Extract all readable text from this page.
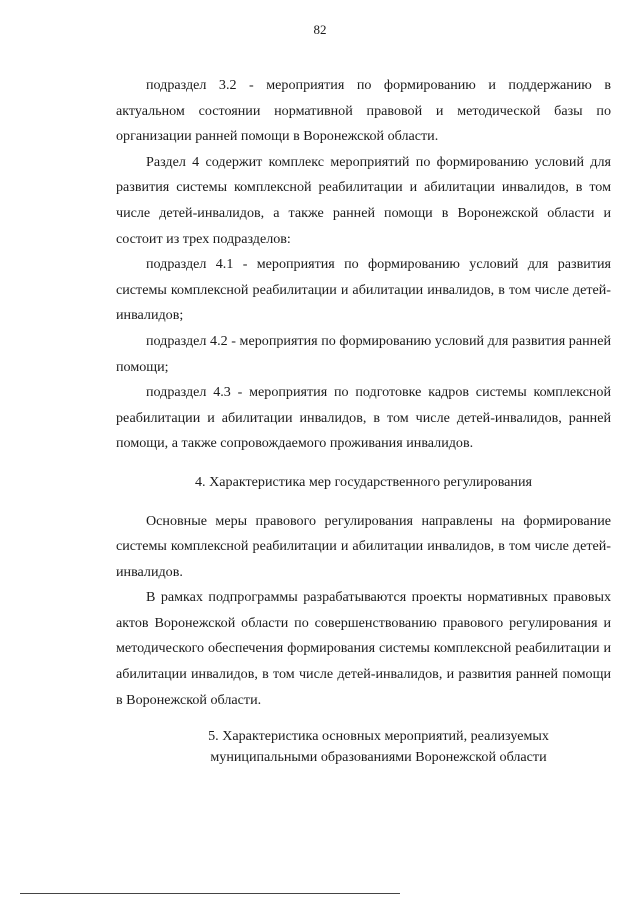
82

подраздел 3.2 - мероприятия по формированию и поддержанию в актуальном состоянии нормативной правовой и методической базы по организации ранней помощи в Воронежской области.

Раздел 4 содержит комплекс мероприятий по формированию условий для развития системы комплексной реабилитации и абилитации инвалидов, в том числе детей-инвалидов, а также ранней помощи в Воронежской области и состоит из трех подразделов:

подраздел 4.1 - мероприятия по формированию условий для развития системы комплексной реабилитации и абилитации инвалидов, в том числе детей-инвалидов;

подраздел 4.2 - мероприятия по формированию условий для развития ранней помощи;

подраздел 4.3 - мероприятия по подготовке кадров системы комплексной реабилитации и абилитации инвалидов, в том числе детей-инвалидов, ранней помощи, а также сопровождаемого проживания инвалидов.

4. Характеристика мер государственного регулирования

Основные меры правового регулирования направлены на формирование системы комплексной реабилитации и абилитации инвалидов, в том числе детей-инвалидов.

В рамках подпрограммы разрабатываются проекты нормативных правовых актов Воронежской области по совершенствованию правового регулирования и методического обеспечения формирования системы комплексной реабилитации и абилитации инвалидов, в том числе детей-инвалидов, и развития ранней помощи в Воронежской области.

5. Характеристика основных мероприятий, реализуемых
муниципальными образованиями Воронежской области
